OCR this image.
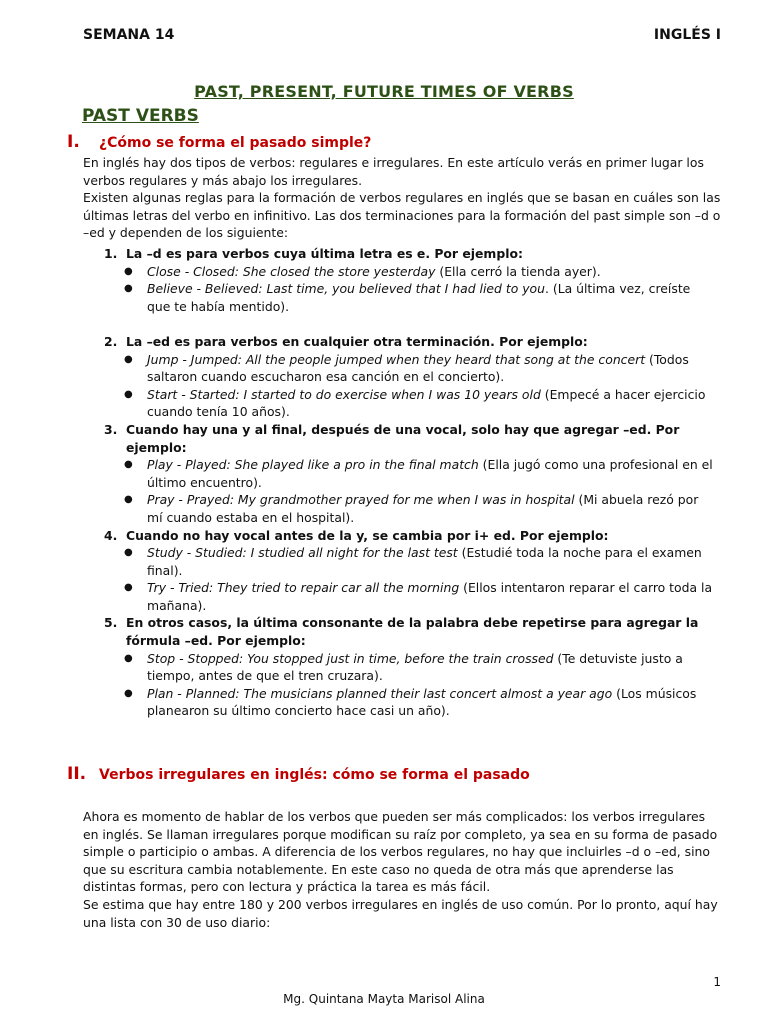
SEMANA 14	INGLÉS I
PAST, PRESENT, FUTURE TIMES OF VERBS
PAST VERBS
I. ¿Cómo se forma el pasado simple?

En inglés hay dos tipos de verbos: regulares e irregulares. En este artículo verás en primer lugar los verbos regulares y más abajo los irregulares.

Existen algunas reglas para la formación de verbos regulares en inglés que se basan en cuáles son las últimas letras del verbo en infinitivo. Las dos terminaciones para la formación del past simple son –d o –ed y dependen de los siguiente:

1. La –d es para verbos cuya última letra es e. Por ejemplo:
● Close - Closed: She closed the store yesterday (Ella cerró la tienda ayer).
● Believe - Believed: Last time, you believed that I had lied to you. (La última vez, creíste que te había mentido).
2. La –ed es para verbos en cualquier otra terminación. Por ejemplo:
● Jump - Jumped: All the people jumped when they heard that song at the concert (Todos saltaron cuando escucharon esa canción en el concierto).
● Start - Started: I started to do exercise when I was 10 years old (Empecé a hacer ejercicio cuando tenía 10 años).
3. Cuando hay una y al final, después de una vocal, solo hay que agregar –ed. Por ejemplo:
● Play - Played: She played like a pro in the final match (Ella jugó como una profesional en el último encuentro).
● Pray - Prayed: My grandmother prayed for me when I was in hospital (Mi abuela rezó por mí cuando estaba en el hospital).
4. Cuando no hay vocal antes de la y, se cambia por i+ ed. Por ejemplo:
● Study - Studied: I studied all night for the last test (Estudié toda la noche para el examen final).
● Try - Tried: They tried to repair car all the morning (Ellos intentaron reparar el carro toda la mañana).
5. En otros casos, la última consonante de la palabra debe repetirse para agregar la fórmula –ed. Por ejemplo:
● Stop - Stopped: You stopped just in time, before the train crossed (Te detuviste justo a tiempo, antes de que el tren cruzara).
● Plan - Planned: The musicians planned their last concert almost a year ago (Los músicos planearon su último concierto hace casi un año).
II. Verbos irregulares en inglés: cómo se forma el pasado

Ahora es momento de hablar de los verbos que pueden ser más complicados: los verbos irregulares en inglés. Se llaman irregulares porque modifican su raíz por completo, ya sea en su forma de pasado simple o participio o ambas. A diferencia de los verbos regulares, no hay que incluirles –d o –ed, sino que su escritura cambia notablemente. En este caso no queda de otra más que aprenderse las distintas formas, pero con lectura y práctica la tarea es más fácil.

Se estima que hay entre 180 y 200 verbos irregulares en inglés de uso común. Por lo pronto, aquí hay una lista con 30 de uso diario:

1
Mg. Quintana Mayta Marisol Alina
